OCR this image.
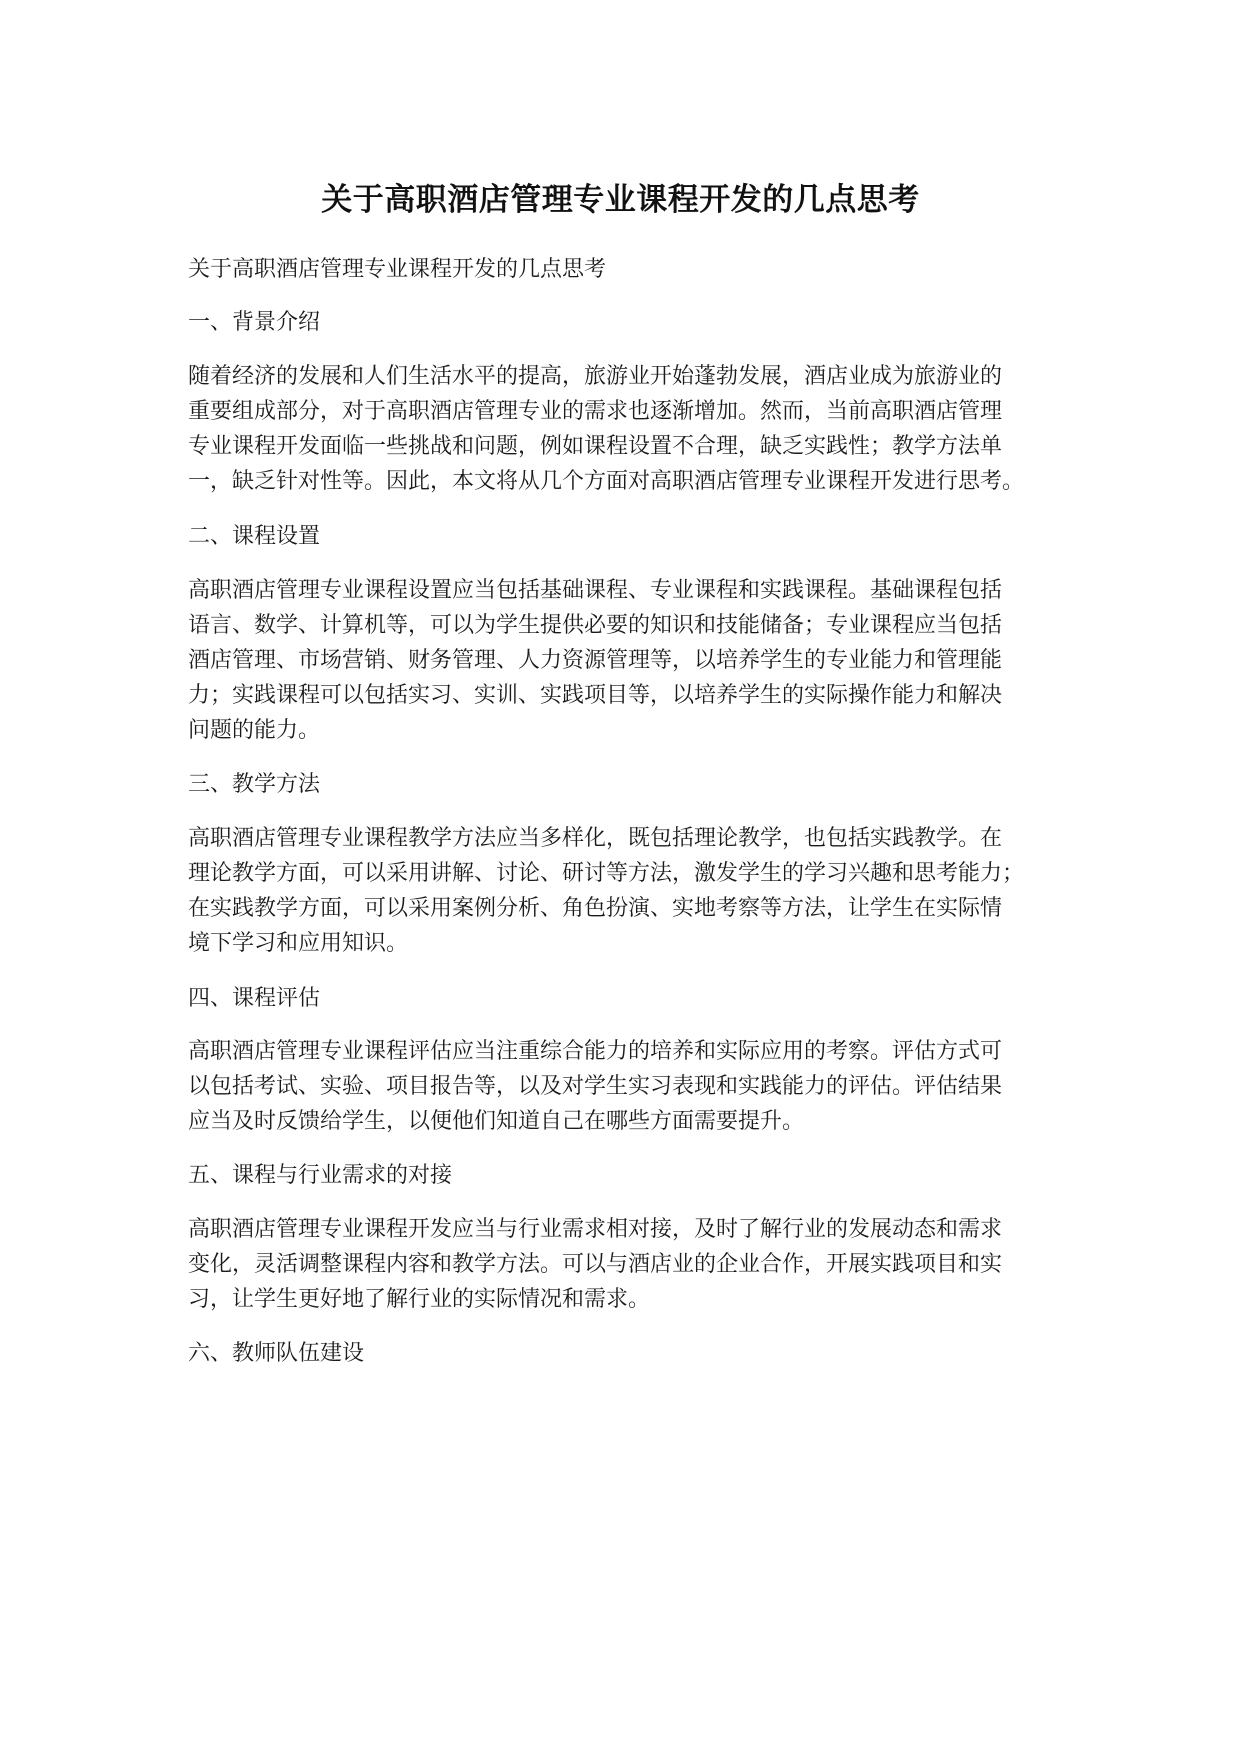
关于高职酒店管理专业课程开发的几点思考
关于高职酒店管理专业课程开发的几点思考
一、背景介绍
随着经济的发展和人们生活水平的提高，旅游业开始蓬勃发展，酒店业成为旅游业的
重要组成部分，对于高职酒店管理专业的需求也逐渐增加。然而，当前高职酒店管理
专业课程开发面临一些挑战和问题，例如课程设置不合理，缺乏实践性；教学方法单
一，缺乏针对性等。因此，本文将从几个方面对高职酒店管理专业课程开发进行思考。
二、课程设置
高职酒店管理专业课程设置应当包括基础课程、专业课程和实践课程。基础课程包括
语言、数学、计算机等，可以为学生提供必要的知识和技能储备；专业课程应当包括
酒店管理、市场营销、财务管理、人力资源管理等，以培养学生的专业能力和管理能
力；实践课程可以包括实习、实训、实践项目等，以培养学生的实际操作能力和解决
问题的能力。
三、教学方法
高职酒店管理专业课程教学方法应当多样化，既包括理论教学，也包括实践教学。在
理论教学方面，可以采用讲解、讨论、研讨等方法，激发学生的学习兴趣和思考能力；
在实践教学方面，可以采用案例分析、角色扮演、实地考察等方法，让学生在实际情
境下学习和应用知识。
四、课程评估
高职酒店管理专业课程评估应当注重综合能力的培养和实际应用的考察。评估方式可
以包括考试、实验、项目报告等，以及对学生实习表现和实践能力的评估。评估结果
应当及时反馈给学生，以便他们知道自己在哪些方面需要提升。
五、课程与行业需求的对接
高职酒店管理专业课程开发应当与行业需求相对接，及时了解行业的发展动态和需求
变化，灵活调整课程内容和教学方法。可以与酒店业的企业合作，开展实践项目和实
习，让学生更好地了解行业的实际情况和需求。
六、教师队伍建设
